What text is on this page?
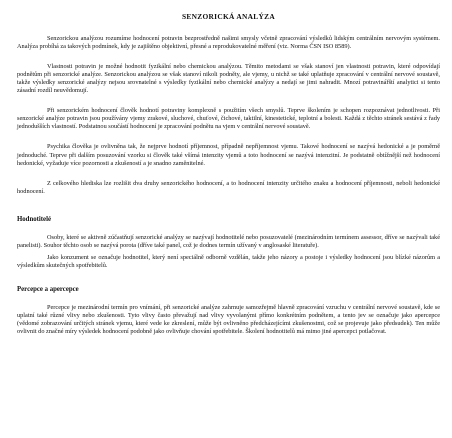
SENZORICKÁ ANALÝZA

Senzorickou analýzou rozumíme hodnocení potravin bezprostředně našimi smysly včetně zpracování výsledků lidským centrálním nervovým systémem. Analýza probíhá za takových podmínek, kdy je zajištěno objektivní, přesné a reprodukovatelné měření (viz. Norma ČSN ISO 8589).

Vlastnosti potravin je možné hodnotit fyzikální nebo chemickou analýzou. Těmito metodami se však stanoví jen vlastnosti potravin, které odpovídají podnětům při senzorické analýze. Senzorickou analýzou se však stanoví nikoli podněty, ale vjemy, u nichž se také uplatňuje zpracování v centrální nervové soustavě, takže výsledky senzorické analýzy nejsou srovnatelné s výsledky fyzikální nebo chemické analýzy a nedají se jimi nahradit. Mnozí potravinářští analytici si tento zásadní rozdíl neuvědomují.

Při senzorickém hodnocení člověk hodnotí potraviny komplexně s použitím všech smyslů. Teprve školením je schopen rozpoznávat jednotlivosti. Při senzorické analýze potravin jsou používány vjemy zrakové, sluchové, chuťové, čichové, taktilní, kinestetické, teplotní a bolesti. Každá z těchto stránek sestává z řady jednodušších vlastností. Podstatnou součástí hodnocení je zpracování podnětu na vjem v centrální nervové soustavě.

Psychika člověka je ovlivněna tak, že nejprve hodnotí příjemnost, případně nepříjemnost vjemu. Takové hodnocení se nazývá hedonické a je poměrně jednoduché. Teprve při dalším posuzování vzorku si člověk také všímá intenzity vjemů a toto hodnocení se nazývá intenzitní. Je podstatně obtížnější než hodnocení hedonické, vyžaduje více pozornosti a zkušeností a je snadno zaměnitelné.

Z celkového hlediska lze rozlišit dva druhy senzorického hodnocení, a to hodnocení intenzity určitého znaku a hodnocení příjemnosti, neboli hedonické hodnocení.

Hodnotitelé

Osoby, které se aktivně zúčastňují senzorické analýzy se nazývají hodnotitelé nebo posuzovatelé (mezinárodním termínem assessor, dříve se nazývali také panelisti). Souhor těchto osob se nazývá porota (dříve také panel, což je dodnes termín užívaný v anglosaské literatuře).

Jako konzument se označuje hodnotitel, který není speciálně odborně vzdělán, takže jeho názory a postoje i výsledky hodnocení jsou blízké názorům a výsledkům skutečných spotřebitelů.

Percepce a apercepce

Percepce je mezinárodní termín pro vnímání, při senzorické analýze zahrnuje samozřejmě hlavně zpracování vzruchu v centrální nervové soustavě, kde se uplatní také různé vlivy nebo zkušenosti. Tyto vlivy často převažují nad vlivy vyvolanými přímo konkrétním podnětem, a tento jev se označuje jako apercepce (vědomé zobrazování určitých stránek vjemu, které vede ke zkreslení, může být ovlivněno předcházejícími zkušenostmi, což se projevuje jako předsudek). Ten může ovlivnit do značné míry výsledek hodnocení podobně jako ovlivňuje chování spotřebitele. Školení hodnotitelů má mimo jiné apercepci potlačovat.
